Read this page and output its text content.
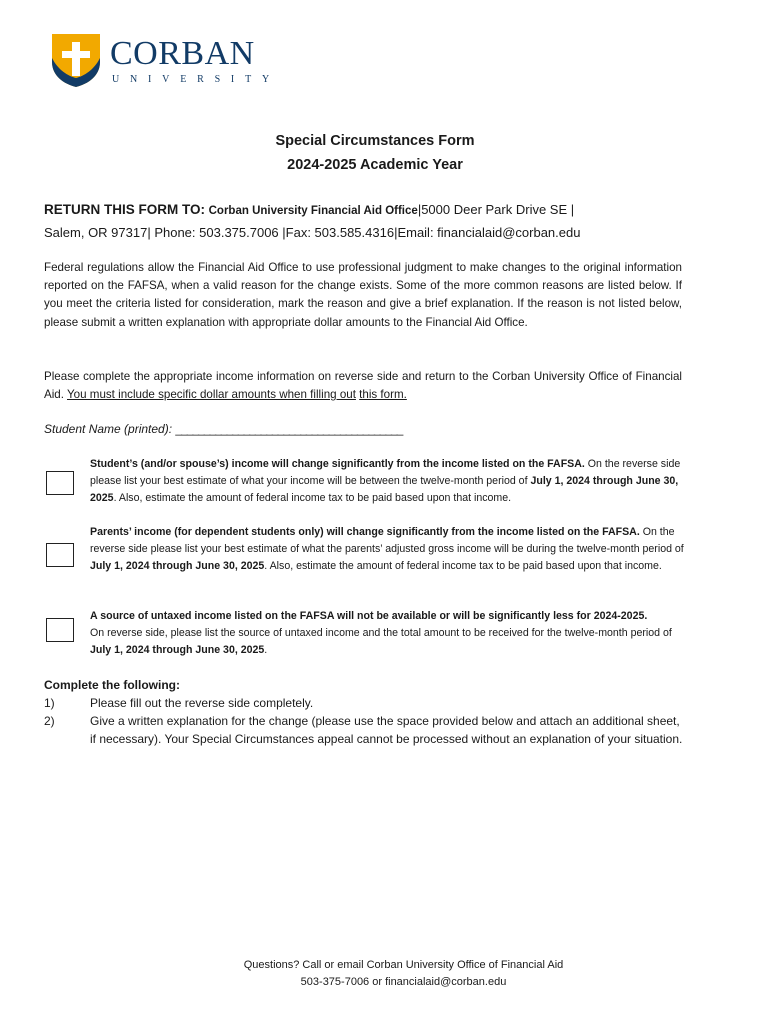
CORBAN
UNIVERSITY
Special Circumstances Form
2024-2025 Academic Year
RETURN THIS FORM TO: Corban University Financial Aid Office|5000 Deer Park Drive SE |
Salem, OR 97317| Phone: 503.375.7006 |Fax: 503.585.4316|Email: financialaid@corban.edu
Federal regulations allow the Financial Aid Office to use professional judgment to make changes to the original information reported on the FAFSA, when a valid reason for the change exists. Some of the more common reasons are listed below. If you meet the criteria listed for consideration, mark the reason and give a brief explanation. If the reason is not listed below, please submit a written explanation with appropriate dollar amounts to the Financial Aid Office.
Please complete the appropriate income information on reverse side and return to the Corban University Office of Financial Aid. You must include specific dollar amounts when filling out this form.
Student Name (printed): ________________________________________
Student’s (and/or spouse’s) income will change significantly from the income listed on the FAFSA. On the reverse side please list your best estimate of what your income will be between the twelve-month period of July 1, 2024 through June 30, 2025. Also, estimate the amount of federal income tax to be paid based upon that income.
Parents’ income (for dependent students only) will change significantly from the income listed on the FAFSA. On the reverse side please list your best estimate of what the parents’ adjusted gross income will be during the twelve-month period of July 1, 2024 through June 30, 2025. Also, estimate the amount of federal income tax to be paid based upon that income.
A source of untaxed income listed on the FAFSA will not be available or will be significantly less for 2024-2025.
On reverse side, please list the source of untaxed income and the total amount to be received for the twelve-month period of July 1, 2024 through June 30, 2025.
Complete the following:
1)	Please fill out the reverse side completely.
2)	Give a written explanation for the change (please use the space provided below and attach an additional sheet, if necessary). Your Special Circumstances appeal cannot be processed without an explanation of your situation.
Questions? Call or email Corban University Office of Financial Aid
503-375-7006 or financialaid@corban.edu
